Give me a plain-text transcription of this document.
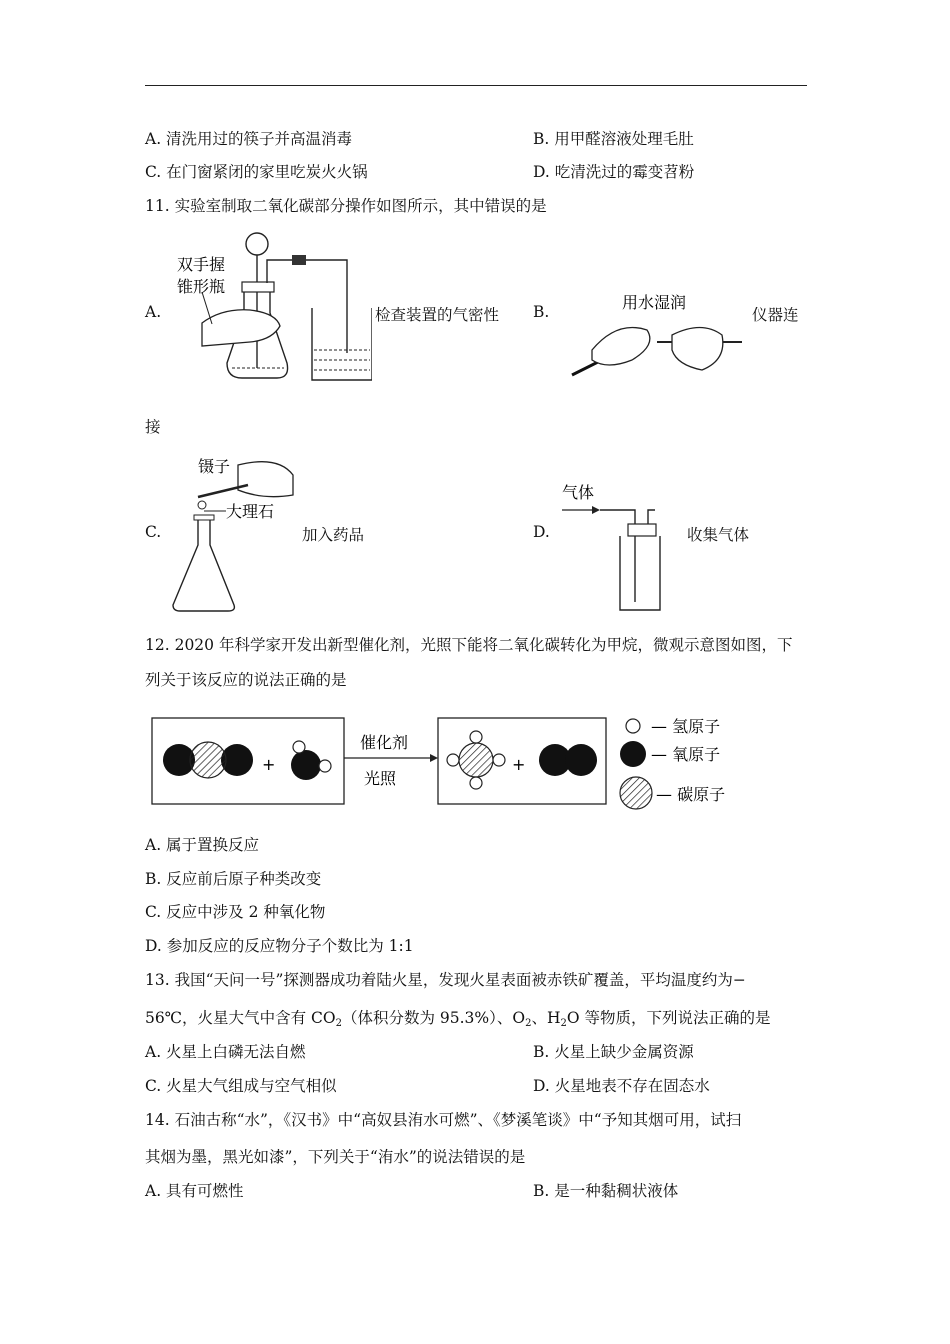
A. 清洗用过的筷子并高温消毒	B. 用甲醛溶液处理毛肚
C. 在门窗紧闭的家里吃炭火火锅	D. 吃清洗过的霉变苕粉
11. 实验室制取二氧化碳部分操作如图所示，其中错误的是
A.
双手握
锥形瓶
检查装置的气密性 B.	用水湿润
仪器连
接
C.
镊子
大理石
加入药品	D.
气体
收集气体
12. 2020 年科学家开发出新型催化剂，光照下能将二氧化碳转化为甲烷，微观示意图如图，下
列关于该反应的说法正确的是
+
催化剂
光照
+
— 氢原子
— 氧原子
— 碳原子
A. 属于置换反应
B. 反应前后原子种类改变
C. 反应中涉及 2 种氧化物
D. 参加反应的反应物分子个数比为 1:1
13. 我国“天问一号”探测器成功着陆火星，发现火星表面被赤铁矿覆盖，平均温度约为−
56℃，火星大气中含有 $CO_2$（体积分数为 95.3%）、$O_2$、$H_2O$ 等物质，下列说法正确的是
A. 火星上白磷无法自燃	B. 火星上缺少金属资源
C. 火星大气组成与空气相似	D. 火星地表不存在固态水
14. 石油古称“水”，《汉书》中“高奴县洧水可燃”、《梦溪笔谈》中“予知其烟可用，试扫
其烟为墨，黑光如漆”，下列关于“洧水”的说法错误的是
A. 具有可燃性	B. 是一种黏稠状液体
